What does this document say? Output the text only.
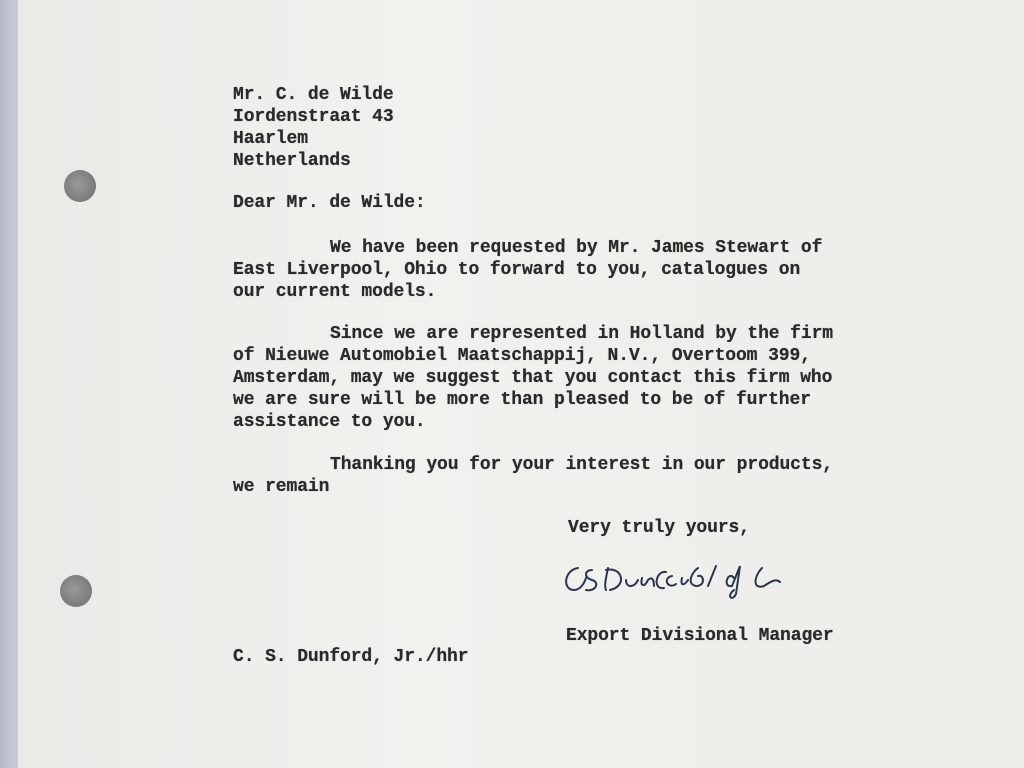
Mr. C. de Wilde
Iordenstraat 43
Haarlem
Netherlands
Dear Mr. de Wilde:
We have been requested by Mr. James Stewart of
East Liverpool, Ohio to forward to you, catalogues on
our current models.
Since we are represented in Holland by the firm
of Nieuwe Automobiel Maatschappij, N.V., Overtoom 399,
Amsterdam, may we suggest that you contact this firm who
we are sure will be more than pleased to be of further
assistance to you.
Thanking you for your interest in our products,
we remain
Very truly yours,
Export Divisional Manager
C. S. Dunford, Jr./hhr
